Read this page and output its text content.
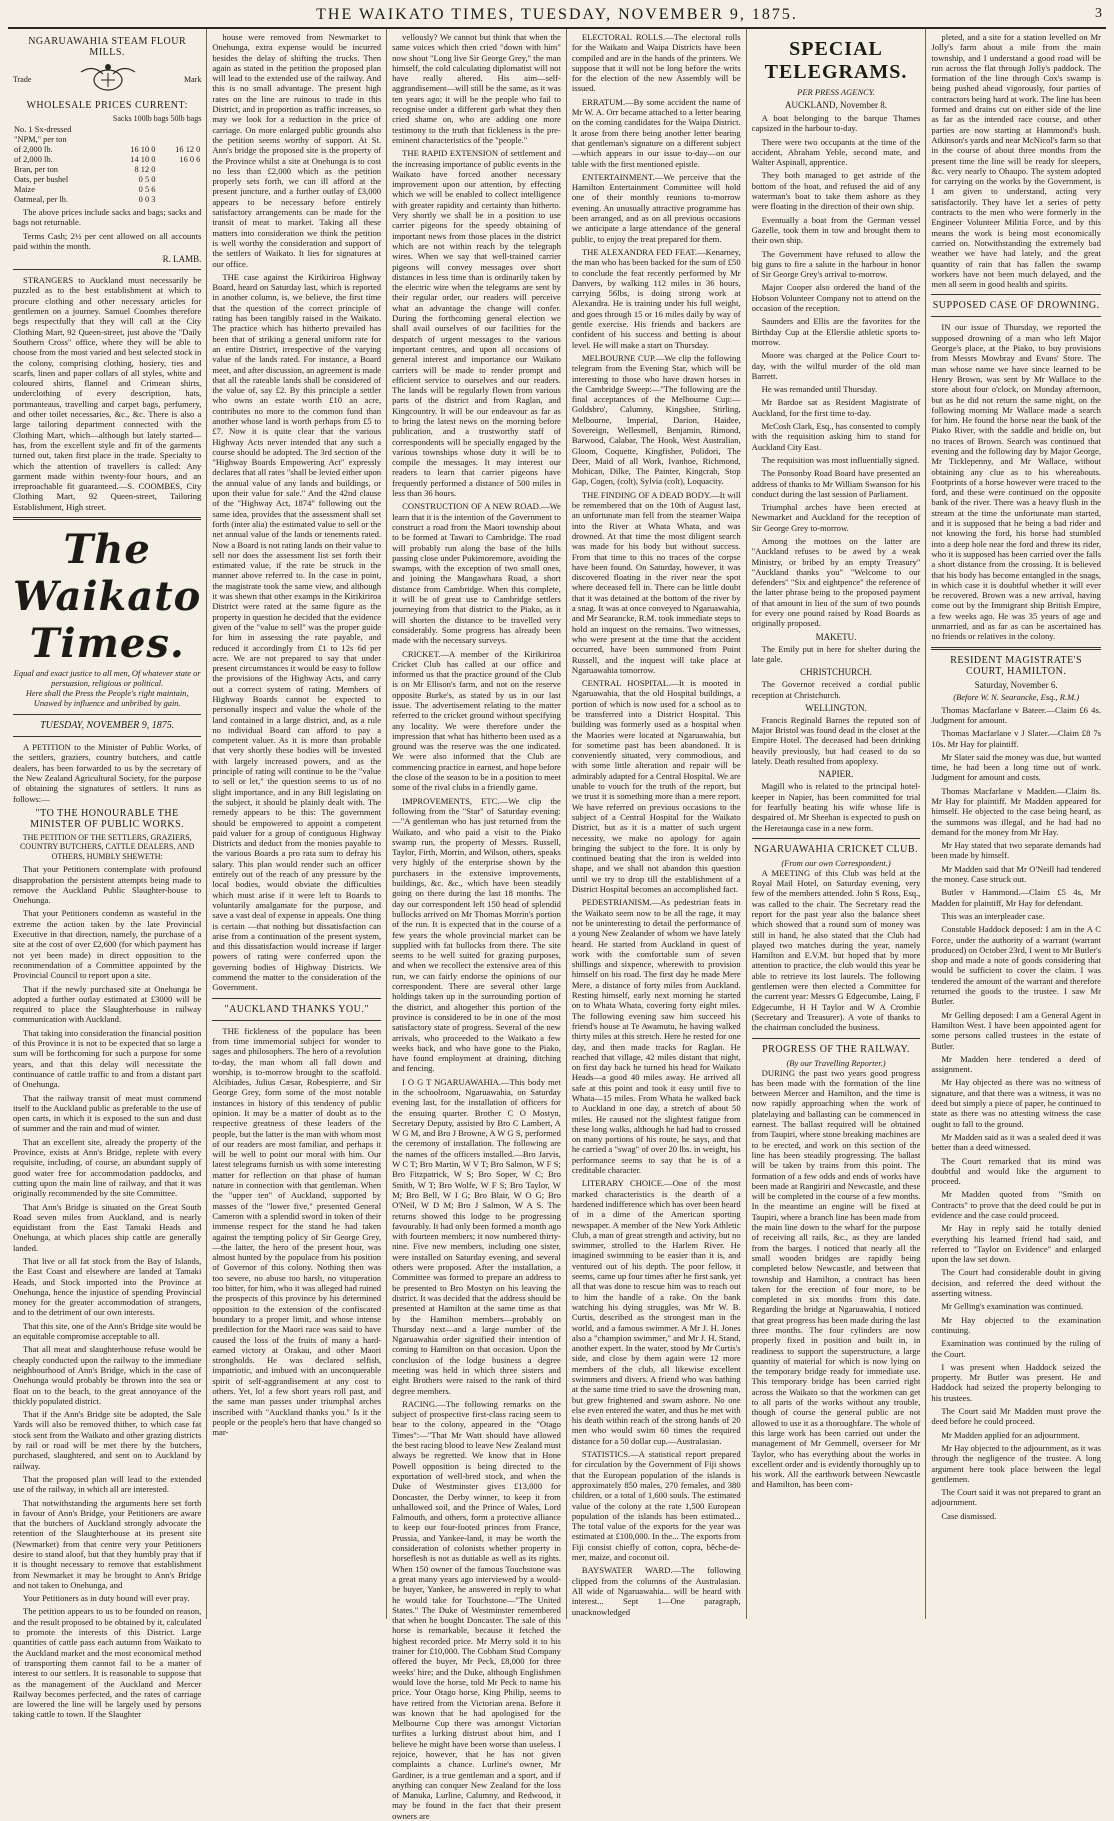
THE WAIKATO TIMES, TUESDAY, NOVEMBER 9, 1875.	3
NGARUAWAHIA STEAM FLOUR MILLS.
Trade	Mark
WHOLESALE PRICES CURRENT:
Sacks 100lb bags 50lb bags
No. 1 Sx-dressed		
"NPM," per ton		
of 2,000 lb.	16 10 0	16 12 0
of 2,000 lb.	14 10 0	16 0 6
Bran, per ton	8 12 0	
Oats, per bushel	0 5 0	
Maize	0 5 6	
Oatmeal, per lb.	0 0 3	

The above prices include sacks and bags; sacks and bags not returnable.

Terms Cash; 2½ per cent allowed on all accounts paid within the month.

R. LAMB.

STRANGERS to Auckland must necessarily be puzzled as to the best establishment at which to procure clothing and other necessary articles for gentlemen on a journey. Samuel Coombes therefore begs respectfully that they will call at the City Clothing Mart, 92 Queen-street, just above the "Daily Southern Cross" office, where they will be able to choose from the most varied and best selected stock in the colony, comprising clothing, hosiery, ties and scarfs, linen and paper collars of all styles, white and coloured shirts, flannel and Crimean shirts, underclothing of every description, hats, portmanteaus, travelling and carpet bags, perfumery, and other toilet necessaries, &c., &c. There is also a large tailoring department connected with the Clothing Mart, which—although but lately started—has, from the excellent style and fit of the garments turned out, taken first place in the trade. Specialty to which the attention of travellers is called: Any garment made within twenty-four hours, and an irreproachable fit guaranteed.—S. COOMBES, City Clothing Mart, 92 Queen-street, Tailoring Establishment, High street.

The Waikato Times.
Equal and exact justice to all men, Of whatever state or persuasion, religious or political.
Here shall the Press the People's right maintain, Unawed by influence and unbribed by gain.
TUESDAY, NOVEMBER 9, 1875.

A PETITION to the Minister of Public Works, of the settlers, graziers, country butchers, and cattle dealers, has been forwarded to us by the secretary of the New Zealand Agricultural Society, for the purpose of obtaining the signatures of settlers. It runs as follows:—

"TO THE HONOURABLE THE MINISTER OF PUBLIC WORKS.
THE PETITION OF THE SETTLERS, GRAZIERS, COUNTRY BUTCHERS, CATTLE DEALERS, AND OTHERS, HUMBLY SHEWETH:

That your Petitioners contemplate with profound disapprobation the persistent attempts being made to remove the Auckland Public Slaughter-house to Onehunga.

That your Petitioners condemn as wasteful in the extreme the action taken by the late Provincial Executive in that direction, namely, the purchase of a site at the cost of over £2,600 (for which payment has not yet been made) in direct opposition to the recommendation of a Committee appointed by the Provincial Council to report upon a site.

That if the newly purchased site at Onehunga be adopted a further outlay estimated at £3000 will be required to place the Slaughterhouse in railway communication with Auckland.

That taking into consideration the financial position of this Province it is not to be expected that so large a sum will be forthcoming for such a purpose for some years, and that this delay will necessitate the continuance of cattle traffic to and from a distant part of Onehunga.

That the railway transit of meat must commend itself to the Auckland public as preferable to the use of open carts, in which it is exposed to the sun and dust of summer and the rain and mud of winter.

That an excellent site, already the property of the Province, exists at Ann's Bridge, replete with every requisite, including, of course, an abundant supply of good water free for accommodation paddocks, and cutting upon the main line of railway, and that it was originally recommended by the site Committee.

That Ann's Bridge is situated on the Great South Road seven miles from Auckland, and is nearly equidistant from the East Tamaki Heads and Onehunga, at which places ship cattle are generally landed.

That live or all fat stock from the Bay of Islands, the East Coast and elsewhere are landed at Tamaki Heads, and Stock imported into the Province at Onehunga, hence the injustice of spending Provincial money for the greater accommodation of strangers, and to the detriment of our own interests.

That this site, one of the Ann's Bridge site would be an equitable compromise acceptable to all.

That all meat and slaughterhouse refuse would be cheaply conducted upon the railway to the immediate neighbourhood of Ann's Bridge, which in the case of Onehunga would probably be thrown into the sea or float on to the beach, to the great annoyance of the thickly populated district.

That if the Ann's Bridge site be adopted, the Sale Yards will also be removed thither, to which case fat stock sent from the Waikato and other grazing districts by rail or road will be met there by the butchers, purchased, slaughtered, and sent on to Auckland by railway.

That the proposed plan will lead to the extended use of the railway, in which all are interested.

That notwithstanding the arguments here set forth in favour of Ann's Bridge, your Petitioners are aware that the butchers of Auckland strongly advocate the retention of the Slaughterhouse at its present site (Newmarket) from that centre very your Petitioners desire to stand aloof, but that they humbly pray that if it is thought necessary to remove that establishment from Newmarket it may be brought to Ann's Bridge and not taken to Onehunga, and

Your Petitioners as in duty bound will ever pray.

The petition appears to us to be founded on reason, and the result proposed to be obtained by it, calculated to promote the interests of this District. Large quantities of cattle pass each autumn from Waikato to the Auckland market and the most economical method of transporting them cannot fail to be a matter of interest to our settlers. It is reasonable to suppose that as the management of the Auckland and Mercer Railway becomes perfected, and the rates of carriage are lowered the line will be largely used by persons taking cattle to town. If the Slaughter

house were removed from Newmarket to Onehunga, extra expense would be incurred besides the delay of shifting the trucks. Then again as stated in the petition the proposed plan will lead to the extended use of the railway. And this is no small advantage. The present high rates on the line are ruinous to trade in this District, and in proportion as traffic increases, so may we look for a reduction in the price of carriage. On more enlarged public grounds also the petition seems worthy of support. At St. Ann's bridge the proposed site is the property of the Province whilst a site at Onehunga is to cost no less than £2,000 which as the petition properly sets forth, we can ill afford at the present juncture, and a further outlay of £3,000 appears to be necessary before entirely satisfactory arrangements can be made for the transit of meat to market. Taking all these matters into consideration we think the petition is well worthy the consideration and support of the settlers of Waikato. It lies for signatures at our office.

THE case against the Kirikiriroa Highway Board, heard on Saturday last, which is reported in another column, is, we believe, the first time that the question of the correct principle of rating has been tangibly raised in the Waikato. The practice which has hitherto prevailed has been that of striking a general uniform rate for an entire District, irrespective of the varying value of the lands rated. For instance, a Board meet, and after discussion, an agreement is made that all the rateable lands shall be considered of the value of, say £2. By this principle a settler who owns an estate worth £10 an acre, contributes no more to the common fund than another whose land is worth perhaps from £5 to £7. Now it is quite clear that the various Highway Acts never intended that any such a course should be adopted. The 3rd section of the "Highway Boards Empowering Act" expressly declares that all rates "shall be levied either upon the annual value of any lands and buildings, or upon their value for sale." And the 42nd clause of the "Highway Act, 1874" following out the same idea, provides that the assessment shall set forth (inter alia) the estimated value to sell or the net annual value of the lands or tenements rated. Now a Board is not rating lands on their value to sell nor does the assessment list set forth their estimated value, if the rate be struck in the manner above referred to. In the case in point, the magistrate took the same view, and although it was shewn that other examps in the Kirikiriroa District were rated at the same figure as the property in question he decided that the evidence given of the "value to sell" was the proper guide for him in assessing the rate payable, and reduced it accordingly from £1 to 12s 6d per acre. We are not prepared to say that under present circumstances it would be easy to follow the provisions of the Highway Acts, and carry out a correct system of rating. Members of Highway Boards cannot be expected to personally inspect and value the whole of the land contained in a large district, and, as a rule no individual Board can afford to pay a competent valuer. As it is more than probable that very shortly these bodies will be invested with largely increased powers, and as the principle of rating will continue to be the "value to sell or let," the question seems to us of no slight importance, and in any Bill legislating on the subject, it should be plainly dealt with. The remedy appears to be this: The government should be empowered to appoint a competent paid valuer for a group of contiguous Highway Districts and deduct from the monies payable to the various Boards a pro rata sum to defray his salary. This plan would render such an officer entirely out of the reach of any pressure by the local bodies, would obviate the difficulties which must arise if it were left to Boards to voluntarily amalgamate for the purpose, and save a vast deal of expense in appeals. One thing is certain —that nothing but dissatisfaction can arise from a continuation of the present system, and this dissatisfaction would increase if larger powers of rating were conferred upon the governing bodies of Highway Districts. We commend the matter to the consideration of the Government.

"AUCKLAND THANKS YOU."

THE fickleness of the populace has been from time immemorial subject for wonder to sages and philosophers. The hero of a revolution to-day, the man whom all fall down and worship, is to-morrow brought to the scaffold. Alcibiades, Julius Cæsar, Robespierre, and Sir George Grey, form some of the most notable instances in history of this tendency of public opinion. It may be a matter of doubt as to the respective greatness of these leaders of the people, but the latter is the man with whom most of our readers are most familiar, and perhaps it will be well to point our moral with him. Our latest telegrams furnish us with some interesting matter for reflection on that phase of human nature in connection with that gentleman. When the "upper ten" of Auckland, supported by masses of the "lower five," presented General Cameron with a splendid sword in token of their immense respect for the stand he had taken against the tempting policy of Sir George Grey,—the latter, the hero of the present hour, was almost hunted by the populace from his position of Governor of this colony. Nothing then was too severe, no abuse too harsh, no vituperation too bitter, for him, who it was alleged had ruined the prospects of this province by his determined opposition to the extension of the confiscated boundary to a proper limit, and whose intense predilection for the Maori race was said to have caused the loss of the fruits of many a hard-earned victory at Orakau, and other Maori strongholds. He was declared selfish, impatriotic, and imbued with an unconquerable spirit of self-aggrandisement at any cost to others. Yet, lo! a few short years roll past, and the same man passes under triumphal arches inscribed with "Auckland thanks you." Is it the people or the people's hero that have changed so mar-

vellously? We cannot but think that when the same voices which then cried "down with him" now shout "Long live Sir George Grey," the man himself, the cold calculating diplomatist will not have really altered. His aim—self-aggrandisement—will still be the same, as it was ten years ago; it will be the people who fail to recognise under a different garb what they then cried shame on, who are adding one more testimony to the truth that fickleness is the pre-eminent characteristics of the "people."

THE RAPID EXTENSION of settlement and the increasing importance of public events in the Waikato have forced another necessary improvement upon our attention, by effecting which we will be enabled to collect intelligence with greater rapidity and certainty than hitherto. Very shortly we shall be in a position to use carrier pigeons for the speedy obtaining of important news from those places in the district which are not within reach by the telegraph wires. When we say that well-trained carrier pigeons will convey messages over short distances in less time than is ordinarily taken by the electric wire when the telegrams are sent by their regular order, our readers will perceive what an advantage the change will confer. During the forthcoming general election we shall avail ourselves of our facilities for the despatch of urgent messages to the various important centres, and upon all occasions of general interest and importance our Waikato carriers will be made to render prompt and efficient service to ourselves and our readers. The lands will be regularly flown from various parts of the district and from Raglan, and Kingcountry. It will be our endeavour as far as to bring the latest news on the morning before publication, and a trustworthy staff of correspondents will be specially engaged by the various townships whose duty it will be to compile the messages. It may interest our readers to learn that carrier pigeons have frequently performed a distance of 500 miles in less than 36 hours.

CONSTRUCTION OF A NEW ROAD.—We learn that it is the intention of the Government to construct a road from the Maori township about to be formed at Tawari to Cambridge. The road will probably run along the base of the hills passing close under Pukimoremore, avoiding the swamps, with the exception of two small ones, and joining the Mangawhara Road, a short distance from Cambridge. When this complete, it will be of great use to Cambridge settlers journeying from that district to the Piako, as it will shorten the distance to be travelled very considerably. Some progress has already been made with the necessary surveys.

CRICKET.—A member of the Kirikiriroa Cricket Club has called at our office and informed us that the practice ground of the Club is on Mr Ellison's farm, and not on the reserve opposite Burke's, as stated by us in our last issue. The advertisement relating to the matter referred to the cricket ground without specifying any locality. We were therefore under the impression that what has hitherto been used as a ground was the reserve was the one indicated. We were also informed that the Club are commencing practice in earnest, and hope before the close of the season to be in a position to meet some of the rival clubs in a friendly game.

IMPROVEMENTS, ETC.—We clip the following from the "Star" of Saturday evening:—"A gentleman who has just returned from the Waikato, and who paid a visit to the Piako swamp run, the property of Messrs. Russell, Taylor, Firth, Morrin, and Wilson, others, speaks very highly of the enterprise shown by the purchasers in the extensive improvements, buildings, &c. &c., which have been steadily going on there during the last 18 months. The day our correspondent left 150 head of splendid bullocks arrived on Mr Thomas Morrin's portion of the run. It is expected that in the course of a few years the whole provincial market can be supplied with fat bullocks from there. The site seems to be well suited for grazing purposes, and when we recollect the extensive area of this run, we can fairly endorse the opinions of our correspondent. There are several other large holdings taken up in the surrounding portion of the district, and altogether this portion of the province is considered to be in one of the most satisfactory state of progress. Several of the new arrivals, who proceeded to the Waikato a few weeks back, and who have gone to the Piako, have found employment at draining, ditching and fencing.

I O G T NGARUAWAHIA.—This body met in the schoolroom, Ngaruawahia, on Saturday evening last, for the installation of officers for the ensuing quarter. Brother C O Mostyn, Secretary Deputy, assisted by Bro C Lambert, A W G M, and Bro J Browne, A W G S, performed the ceremony of installation. The following are the names of the officers installed.—Bro Jarvis, W C T; Bro Martin, W V T; Bro Salmon, W F S; Bro Fitzpatrick, W S; Bro Soper, W C; Bro Smith, W T; Bro Wolfe, W F S; Bro Taylor, W M; Bro Bell, W I G; Bro Blair, W O G; Bro O'Neil, W D M; Bro J Salmon, W A S. The returns showed this lodge to be progressing favourably. It had only been formed a month ago with fourteen members; it now numbered thirty-nine. Five new members, including one sister, were installed on Saturday evening, and several others were proposed. After the installation, a Committee was formed to prepare an address to be presented to Bro Mostyn on his leaving the district. It was decided that the address should be presented at Hamilton at the same time as that by the Hamilton members—probably on Thursday next—and a large number of the Ngaruawahia order signified their intention of coming to Hamilton on that occasion. Upon the conclusion of the lodge business a degree meeting was held in which three sisters and eight Brothers were raised to the rank of third degree members.

RACING.—The following remarks on the subject of prospective first-class racing seem to bear to the colony, appeared in the "Otago Times":—"That Mr Watt should have allowed the best racing blood to leave New Zealand must always be regretted. We know that in Hone Powell opposition is being directed to the exportation of well-bred stock, and when the Duke of Westminster gives £13,000 for Doncaster, the Derby winner, to keep it from unhallowed soil, and the Prince of Wales, Lord Falmouth, and others, form a protective alliance to keep our four-footed princes from France, Prussia, and Yankee-land, it may be worth the consideration of colonists whether property in horseflesh is not as dutiable as well as its rights. When 150 owner of the famous Touchstone was a great many years ago interviewed by a would-be buyer, Yankee, he answered in reply to what he would take for Touchstone—"The United States." The Duke of Westminster remembered that when he bought Doncaster. The sale of this horse is remarkable, because it fetched the highest recorded price. Mr Merry sold it to his trainer for £10,000. The Cobham Stud Company offered the buyer, Mr Peck, £8,000 for three weeks' hire; and the Duke, although Englishmen would love the horse, told Mr Peck to name his price. Your Otago horse, King Philip, seems to have retired from the Victorian arena. Before it was known that he had apologised for the Melbourne Cup there was amongst Victorian turfites a lurking distrust about him, and I believe he might have been worse than useless. I rejoice, however, that he has not given complaints a chance. Lurline's owner, Mr Gardiner, is a true gentleman and a sport, and if anything can conquer New Zealand for the loss of Manuka, Lurline, Calumny, and Redwood, it may be found in the fact that their present owners are

ELECTORAL ROLLS.—The electoral rolls for the Waikato and Waipa Districts have been compiled and are in the hands of the printers. We suppose that it will not be long before the writs for the election of the new Assembly will be issued.

ERRATUM.—By some accident the name of Mr W. A. Orr became attached to a letter bearing on the coming candidates for the Waipa District. It arose from there being another letter bearing that gentleman's signature on a different subject—which appears in our issue to-day—on our table with the first mentioned epistle.

ENTERTAINMENT.—We perceive that the Hamilton Entertainment Committee will hold one of their monthly reunions to-morrow evening. An unusually attractive programme has been arranged, and as on all previous occasions we anticipate a large attendance of the general public, to enjoy the treat prepared for them.

THE ALEXANDRA FED FEAT.—Kenarney, the man who has been backed for the sum of £50 to conclude the feat recently performed by Mr Danvers, by walking 112 miles in 36 hours, carrying 56lbs, is doing strong work at Alexandra. He is training under his full weight, and goes through 15 or 16 miles daily by way of gentle exercise. His friends and backers are confident of his success and betting is about level. He will make a start on Thursday.

MELBOURNE CUP.—We clip the following telegram from the Evening Star, which will be interesting to those who have drawn horses in the Cambridge Sweep:—"The following are the final acceptances of the Melbourne Cup:—Goldsbro', Calumny, Kingsbee, Stirling, Melbourne, Imperial, Darion, Haidee, Sovereign, Wellesmell, Benjamin, Rimond, Barwood, Calabar, The Hook, West Australian, Gloom, Coquette, Kingfisher, Polidori, The Deer, Maid of all Work, Ivanhoe, Richmond, Mohican, Dilke, The Painter, Kingcrab, Stop Gap, Cogen, (colt), Sylvia (colt), Loquacity.

THE FINDING OF A DEAD BODY.—It will be remembered that on the 10th of August last, an unfortunate man fell from the steamer Waipa into the River at Whata Whata, and was drowned. At that time the most diligent search was made for his body but without success. From that time to this no traces of the corpse have been found. On Saturday, however, it was discovered floating in the river near the spot where deceased fell in. There can be little doubt that it was detained at the bottom of the river by a snag. It was at once conveyed to Ngaruawahia, and Mr Searancke, R.M. took immediate steps to hold an inquest on the remains. Two witnesses, who were present at the time that the accident occurred, have been summoned from Point Russell, and the inquest will take place at Ngaruawahia tomorrow.

CENTRAL HOSPITAL.—It is mooted in Ngaruawahia, that the old Hospital buildings, a portion of which is now used for a school as to be transferred into a District Hospital. This building was formerly used as a hospital when the Maories were located at Ngaruawahia, but for sometime past has been abandoned. It is conveniently situated, very commodious, and with some little alteration and repair will be admirably adapted for a Central Hospital. We are unable to vouch for the truth of the report, but we trust it is something more than a mere report. We have referred on previous occasions to the subject of a Central Hospital for the Waikato District, but as it is a matter of such urgent necessity, we make no apology for again bringing the subject to the fore. It is only by continued beating that the iron is welded into shape, and we shall not abandon this question until we try to drop till the establishment of a District Hospital becomes an accomplished fact.

PEDESTRIANISM.—As pedestrian feats in the Waikato seem now to be all the rage, it may not be uninteresting to detail the performance of a young New Zealander of whom we have lately heard. He started from Auckland in quest of work with the comfortable sum of seven shillings and sixpence, wherewith to provision himself on his road. The first day he made Mere Mere, a distance of forty miles from Auckland. Resting himself, early next morning he started on to Whata Whata, covering forty eight miles. The following evening saw him succeed his friend's house at Te Awamutu, he having walked thirty miles at this stretch. Here he rested for one day, and then made tracks for Raglan. He reached that village, 42 miles distant that night, on first day back he turned his head for Waikato Heads—a good 40 miles away. He arrived all safe at this point and took it easy until five to Whata—15 miles. From Whata he walked back to Auckland in one day, a stretch of about 50 miles. He caused not the slightest fatigue from these long walks, although he had had to crossed on many portions of his route, he says, and that he carried a "swag" of over 20 lbs. in weight, his performance seems to say that he is of a creditable character.

LITERARY CHOICE.—One of the most marked characteristics is the dearth of a hardened indifference which has over been heard of in a dime of the American sporting newspaper. A member of the New York Athletic Club, a man of great strength and activity, but no swimmer, strolled to the Harlem River. He imagined swimming to be easier than it is, and ventured out of his depth. The poor fellow, it seems, came up four times after he first sank, yet all that was done to rescue him was to reach out to him the handle of a rake. On the bank watching his dying struggles, was Mr W. B. Curtis, described as the strongest man in the world, and a famous swimmer. A Mr J. H. Jones also a "champion swimmer," and Mr J. H. Stand, another expert. In the water, stood by Mr Curtis's side, and close by them again were 12 more members of the club, all likewise excellent swimmers and divers. A friend who was bathing at the same time tried to save the drowning man, but grew frightened and swam ashore. No one else even entered the water, and thus he met with his death within reach of the strong hands of 20 men who would swim 60 times the required distance for a 50 dollar cup.—Australasian.

STATISTICS.—A statistical report prepared for circulation by the Government of Fiji shows that the European population of the islands is approximately 850 males, 270 females, and 380 children, or a total of 1,600 souls. The estimated value of the colony at the rate 1,500 European population of the islands has been estimated... The total value of the exports for the year was estimated at £100,000. In the... The exports from Fiji consist chiefly of cotton, copra, bêche-de-mer, maize, and coconut oil.

BAYSWATER WARD.—The following clipped from the columns of the Australasian. All wide of Ngaruawahia... will be heard with interest... Sept 1—One paragraph, unacknowledged

SPECIAL TELEGRAMS.
PER PRESS AGENCY.
AUCKLAND, November 8.

A boat belonging to the barque Thames capsized in the harbour to-day.

There were two occupants at the time of the accident, Abraham Yeble, second mate, and Walter Aspinall, apprentice.

They both managed to get astride of the bottom of the boat, and refused the aid of any waterman's boat to take them ashore as they were floating in the direction of their own ship.

Eventually a boat from the German vessel Gazelle, took them in tow and brought them to their own ship.

The Government have refused to allow the big guns to fire a salute in the harbour in honor of Sir George Grey's arrival to-morrow.

Major Cooper also ordered the band of the Hobson Volunteer Company not to attend on the occasion of the reception.

Saunders and Ellis are the favorites for the Birthday Cup at the Ellerslie athletic sports to-morrow.

Moore was charged at the Police Court to-day, with the wilful murder of the old man Barrett.

He was remanded until Thursday.

Mr Bardoe sat as Resident Magistrate of Auckland, for the first time to-day.

McCosh Clark, Esq., has consented to comply with the requisition asking him to stand for Auckland City East.

The requisition was most influentially signed.

The Ponsonby Road Board have presented an address of thanks to Mr William Swanson for his conduct during the last session of Parliament.

Triumphal arches have been erected at Newmarket and Auckland for the reception of Sir George Grey to-morrow.

Among the mottoes on the latter are "Auckland refuses to be awed by a weak Ministry, or bribed by an empty Treasury" "Auckland thanks you" "Welcome to our defenders" "Six and eightpence" the reference of the latter phrase being to the proposed payment of that amount in lieu of the sum of two pounds for every one pound raised by Road Boards as originally proposed.

MAKETU.

The Emily put in here for shelter during the late gale.

CHRISTCHURCH.

The Governor received a cordial public reception at Christchurch.

WELLINGTON.

Francis Reginald Barnes the reputed son of Major Bristol was found dead in the closet at the Empire Hotel. The deceased had been drinking heavily previously, but had ceased to do so lately. Death resulted from apoplexy.

NAPIER.

Magill who is related to the principal hotel-keeper in Napier, has been committed for trial for fearfully beating his wife whose life is despaired of. Mr Sheehan is expected to push on the Heretaunga case in a new form.

NGARUAWAHIA CRICKET CLUB.
(From our own Correspondent.)

A MEETING of this Club was held at the Royal Mail Hotel, on Saturday evening, very few of the members attended. John S Ross, Esq., was called to the chair. The Secretary read the report for the past year also the balance sheet which showed that a round sum of money was still in hand, he also stated that the Club had played two matches during the year, namely Hamilton and E.V.M. but hoped that by more attention to practice, the club would this year be able to retrieve its lost laurels. The following gentlemen were then elected a Committee for the current year: Messrs G Edgecumbe, Laing, F Edgecumbe, H H Taylor and W A Crombie (Secretary and Treasurer). A vote of thanks to the chairman concluded the business.

PROGRESS OF THE RAILWAY.
(By our Travelling Reporter.)

DURING the past two years good progress has been made with the formation of the line between Mercer and Hamilton, and the time is now rapidly approaching when the work of platelaying and ballasting can be commenced in earnest. The ballast required will be obtained from Taupiri, where stone breaking machines are to be erected, and work on this section of the line has been steadily progressing. The ballast will be taken by trains from this point. The formation of a few odds and ends of works have been made at Rangiriri and Newcastle, and these will be completed in the course of a few months. In the meantime an engine will be fixed at Taupiri, where a branch line has been made from the main line down to the wharf for the purpose of receiving all rails, &c., as they are landed from the barges. I noticed that nearly all the small wooden bridges are rapidly being completed below Newcastle, and between that township and Hamilton, a contract has been taken for the erection of four more, to be completed in six months from this date. Regarding the bridge at Ngaruawahia, I noticed that great progress has been made during the last three months. The four cylinders are now properly fixed in position and built in, in readiness to support the superstructure, a large quantity of material for which is now lying on the temporary bridge ready for immediate use. This temporary bridge has been carried right across the Waikato so that the workmen can get to all parts of the works without any trouble, though of course the general public are not allowed to use it as a thoroughfare. The whole of this large work has been carried out under the management of Mr Gemmell, overseer for Mr Taylor, who has everything about the works in excellent order and is evidently thoroughly up to his work. All the earthwork between Newcastle and Hamilton, has been com-

pleted, and a site for a station levelled on Mr Jolly's farm about a mile from the main township, and I understand a good road will be run across the flat through Jolly's paddock. The formation of the line through Cox's swamp is being pushed ahead vigorously, four parties of contractors being hard at work. The line has been formed and drains cut on either side of the line as far as the intended race course, and other parties are now starting at Hammond's bush. Atkinson's yards and near McNicol's farm so that in the course of about three months from the present time the line will be ready for sleepers, &c. very nearly to Ohaupo. The system adopted for carrying on the works by the Government, is I am given to understand, acting very satisfactorily. They have let a series of petty contracts to the men who were formerly in the Engineer Volunteer Militia Force, and by this means the work is being most economically carried on. Notwithstanding the extremely bad weather we have had lately, and the great quantity of rain that has fallen the swamp workers have not been much delayed, and the men all seem in good health and spirits.

SUPPOSED CASE OF DROWNING.

IN our issue of Thursday, we reported the supposed drowning of a man who left Major George's place, at the Piako, to buy provisions from Messrs Mowbray and Evans' Store. The man whose name we have since learned to be Henry Brown, was sent by Mr Wallace to the store about four o'clock, on Monday afternoon, but as he did not return the same night, on the following morning Mr Wallace made a search for him. He found the horse near the bank of the Piako River, with the saddle and bridle on, but no traces of Brown. Search was continued that evening and the following day by Major George, Mr Ticklepenny, and Mr Wallace, without obtaining any clue as to his whereabouts. Footprints of a horse however were traced to the ford, and these were continued on the opposite bank of the river. There was a heavy flush in the stream at the time the unfortunate man started, and it is supposed that he being a bad rider and not knowing the ford, his horse had stumbled into a deep hole near the ford and threw its rider, who it is supposed has been carried over the falls a short distance from the crossing. It is believed that his body has become entangled in the snags, in which case it is doubtful whether it will ever be recovered. Brown was a new arrival, having come out by the Immigrant ship British Empire, a few weeks ago. He was 35 years of age and unmarried, and as far as can be ascertained has no friends or relatives in the colony.

RESIDENT MAGISTRATE'S COURT, HAMILTON.
Saturday, November 6.
(Before W. N. Searancke, Esq., R.M.)

Thomas Macfarlane v Bateer.—Claim £6 4s. Judgment for amount.

Thomas Macfarlane v J Slater.—Claim £8 7s 10s. Mr Hay for plaintiff.

Mr Slater said the money was due, but wanted time, he had been a long time out of work. Judgment for amount and costs.

Thomas Macfarlane v Madden.—Claim 8s. Mr Hay for plaintiff. Mr Madden appeared for himself. He objected to the case being heard, as the summons was illegal, and he had had no demand for the money from Mr Hay.

Mr Hay stated that two separate demands had been made by himself.

Mr Madden said that Mr O'Neill had tendered the money. Case struck out.

Butler v Hammond.—Claim £5 4s, Mr Madden for plaintiff, Mr Hay for defendant.

This was an interpleader case.

Constable Haddock deposed: I am in the A C Force, under the authority of a warrant (warrant produced) on October 23rd, I went to Mr Butler's shop and made a note of goods considering that would be sufficient to cover the claim. I was tendered the amount of the warrant and therefore returned the goods to the trustee. I saw Mr Butler.

Mr Gelling deposed: I am a General Agent in Hamilton West. I have been appointed agent for some persons called trustees in the estate of Butler.

Mr Madden here tendered a deed of assignment.

Mr Hay objected as there was no witness of signature, and that there was a witness, it was no deed but simply a piece of paper, he continued to state as there was no attesting witness the case ought to fall to the ground.

Mr Madden said as it was a sealed deed it was better than a deed witnessed.

The Court remarked that its mind was doubtful and would like the argument to proceed.

Mr Madden quoted from "Smith on Contracts" to prove that the deed could be put in evidence and the case could proceed.

Mr Hay in reply said he totally denied everything his learned friend had said, and referred to "Taylor on Evidence" and enlarged upon the law set down.

The Court had considerable doubt in giving decision, and referred the deed without the asserting witness.

Mr Gelling's examination was continued.

Mr Hay objected to the examination continuing.

Examination was continued by the ruling of the Court.

I was present when Haddock seized the property. Mr Butler was present. He and Haddock had seized the property belonging to his trustees.

The Court said Mr Madden must prove the deed before he could proceed.

Mr Madden applied for an adjournment.

Mr Hay objected to the adjournment, as it was through the negligence of the trustee. A long argument here took place between the legal gentlemen.

The Court said it was not prepared to grant an adjournment.

Case dismissed.
